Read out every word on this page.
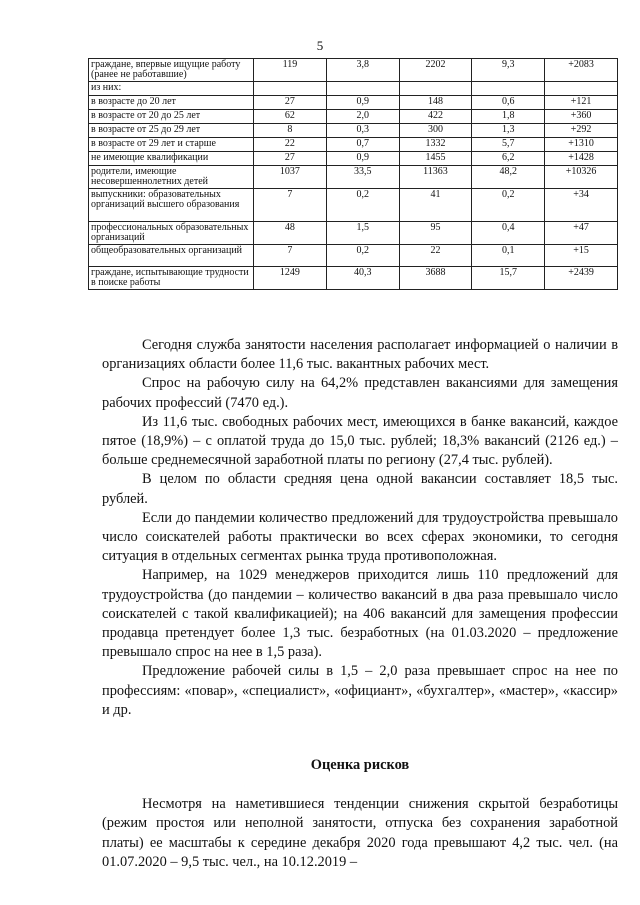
5
граждане, впервые ищущие работу (ранее не работавшие)	119	3,8	2202	9,3	+2083
из них:					
в возрасте до 20 лет	27	0,9	148	0,6	+121
в возрасте от 20 до 25 лет	62	2,0	422	1,8	+360
в возрасте от 25 до 29 лет	8	0,3	300	1,3	+292
в возрасте от 29 лет и старше	22	0,7	1332	5,7	+1310
не имеющие квалификации	27	0,9	1455	6,2	+1428
родители, имеющие несовершеннолетних детей	1037	33,5	11363	48,2	+10326
выпускники: образовательных организаций высшего образования	7	0,2	41	0,2	+34
профессиональных образовательных организаций	48	1,5	95	0,4	+47
общеобразовательных организаций	7	0,2	22	0,1	+15
граждане, испытывающие трудности в поиске работы	1249	40,3	3688	15,7	+2439

Сегодня служба занятости населения располагает информацией о наличии в организациях области более 11,6 тыс. вакантных рабочих мест.

Спрос на рабочую силу на 64,2% представлен вакансиями для замещения рабочих профессий (7470 ед.).

Из 11,6 тыс. свободных рабочих мест, имеющихся в банке вакансий, каждое пятое (18,9%) – с оплатой труда до 15,0 тыс. рублей; 18,3% вакансий (2126 ед.) – больше среднемесячной заработной платы по региону (27,4 тыс. рублей).

В целом по области средняя цена одной вакансии составляет 18,5 тыс. рублей.

Если до пандемии количество предложений для трудоустройства превышало число соискателей работы практически во всех сферах экономики, то сегодня ситуация в отдельных сегментах рынка труда противоположная.

Например, на 1029 менеджеров приходится лишь 110 предложений для трудоустройства (до пандемии – количество вакансий в два раза превышало число соискателей с такой квалификацией); на 406 вакансий для замещения профессии продавца претендует более 1,3 тыс. безработных (на 01.03.2020 – предложение превышало спрос на нее в 1,5 раза).

Предложение рабочей силы в 1,5 – 2,0 раза превышает спрос на нее по профессиям: «повар», «специалист», «официант», «бухгалтер», «мастер», «кассир» и др.

Оценка рисков

Несмотря на наметившиеся тенденции снижения скрытой безработицы (режим простоя или неполной занятости, отпуска без сохранения заработной платы) ее масштабы к середине декабря 2020 года превышают 4,2 тыс. чел. (на 01.07.2020 – 9,5 тыс. чел., на 10.12.2019 –
